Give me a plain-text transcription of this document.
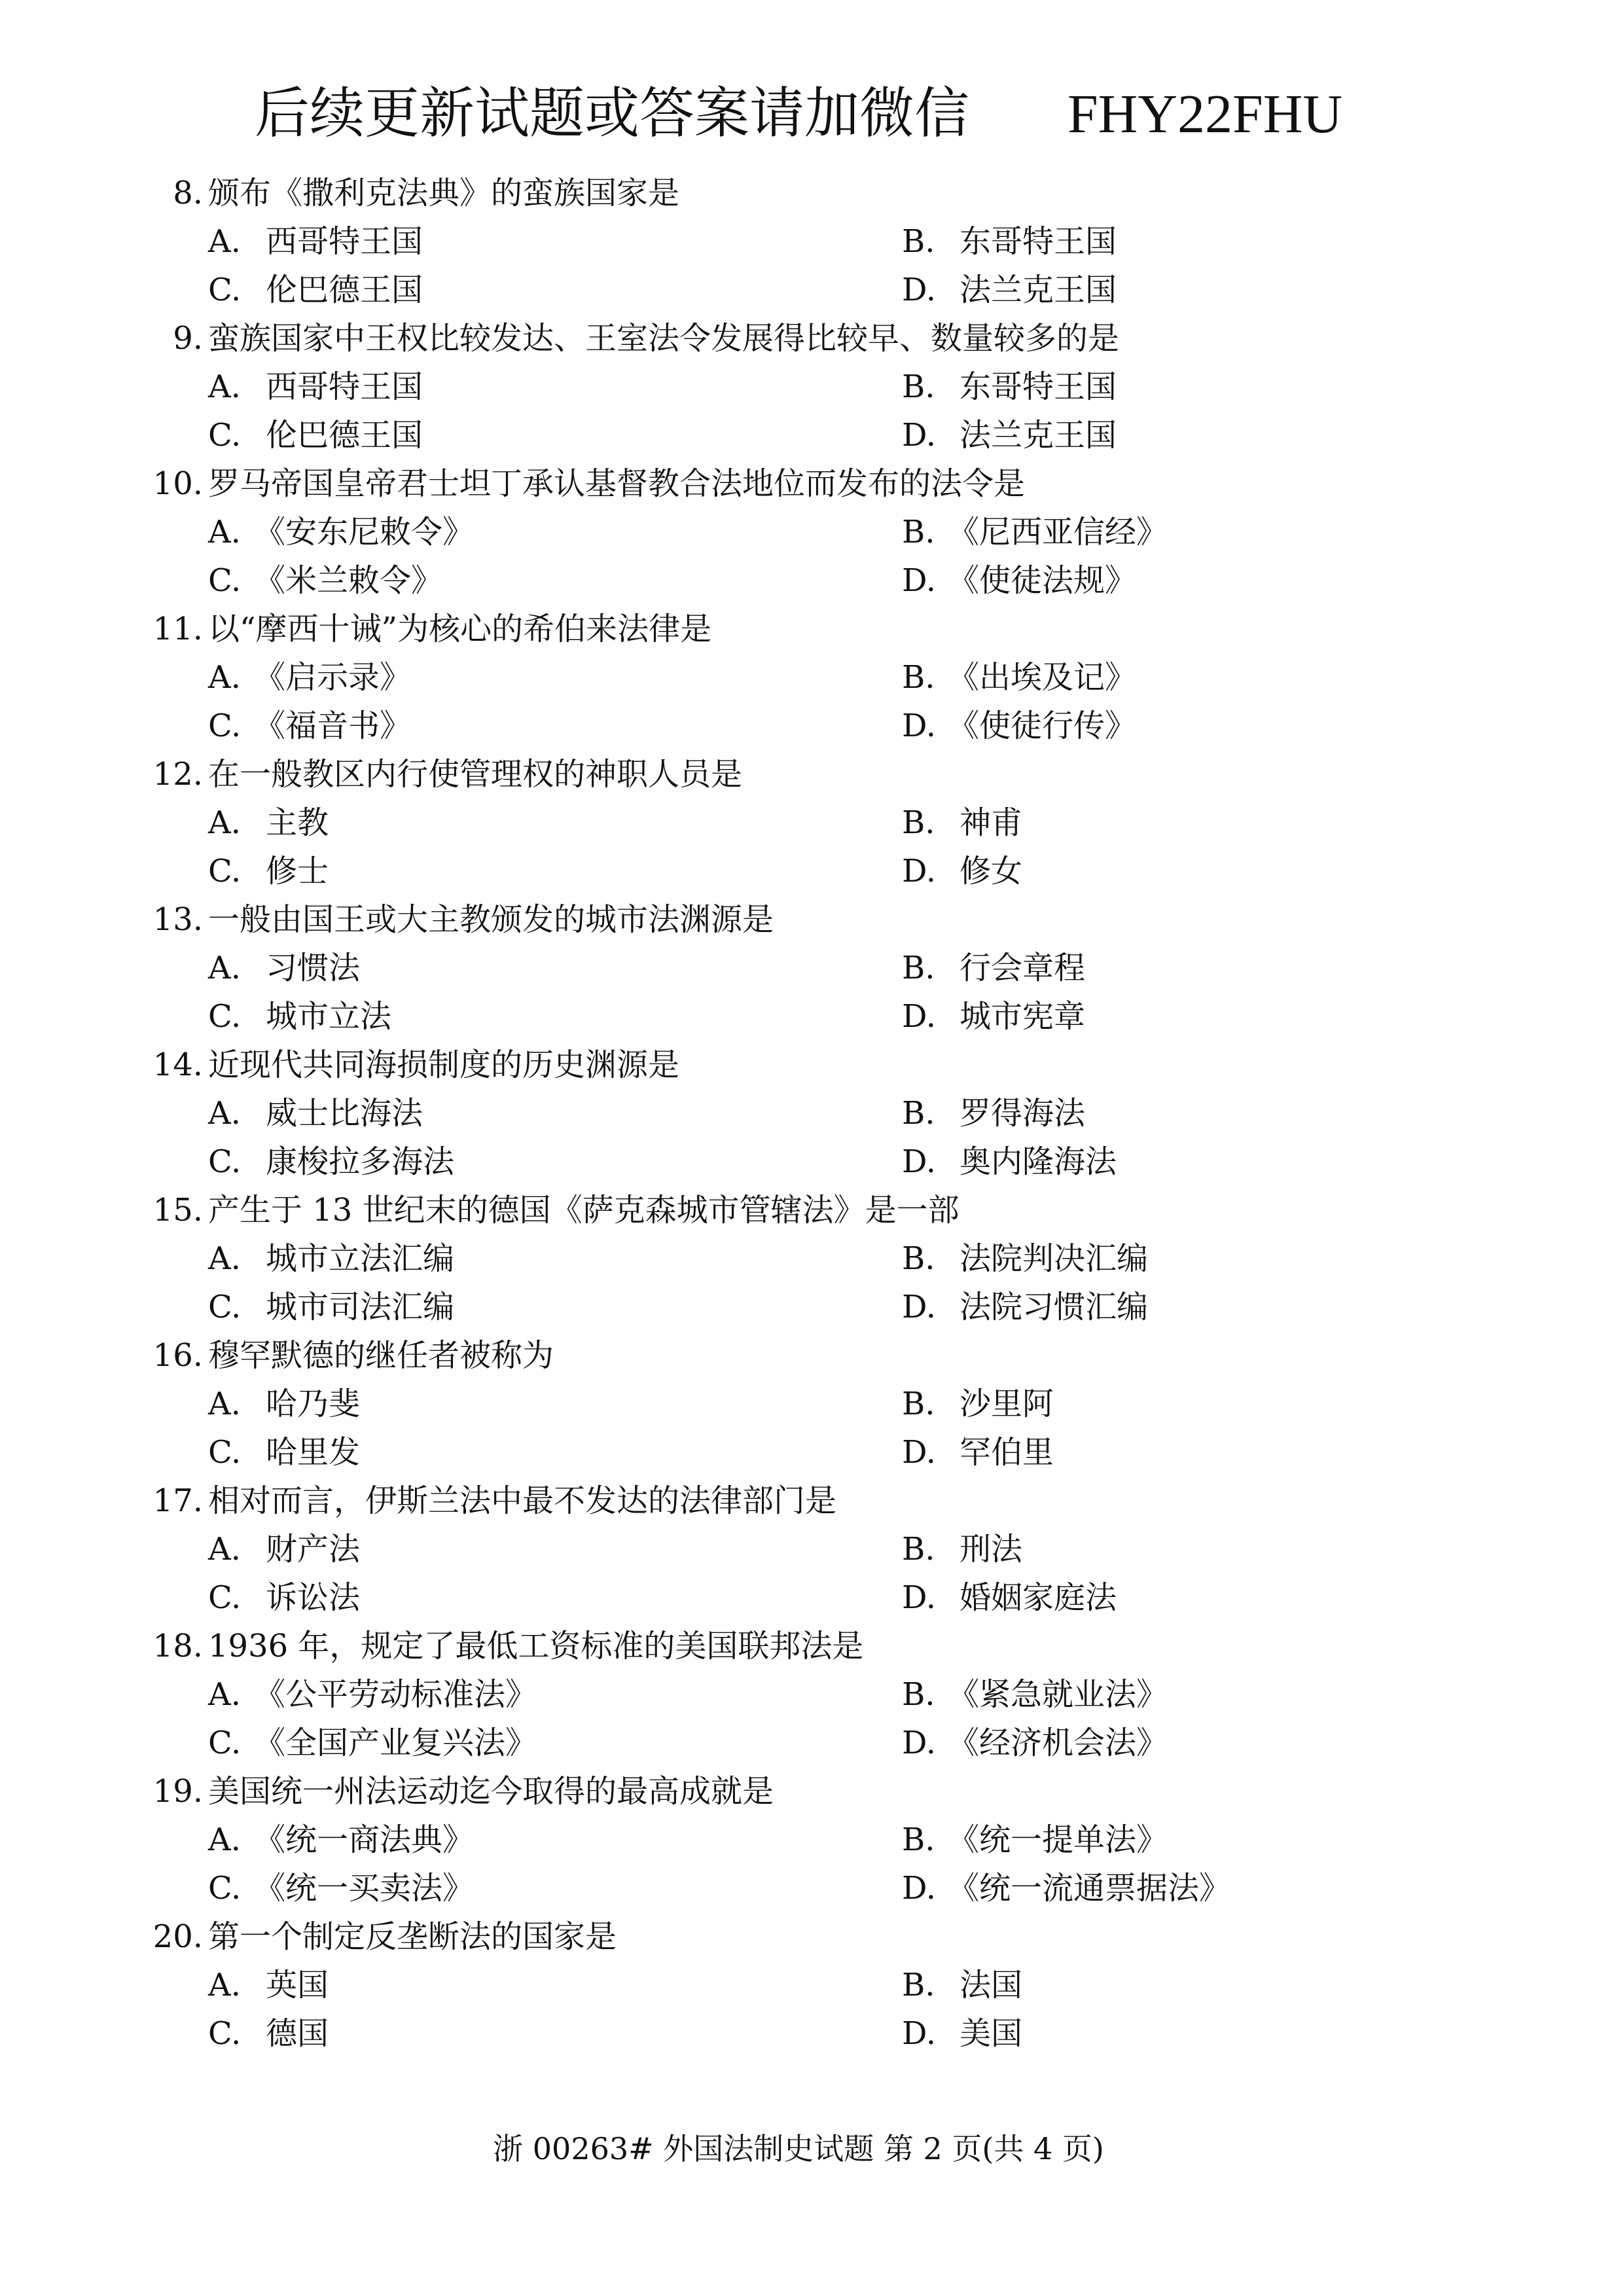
后续更新试题或答案请加微信 FHY22FHU
8. 颁布《撒利克法典》的蛮族国家是
A. 西哥特王国	B. 东哥特王国
C. 伦巴德王国	D. 法兰克王国
9. 蛮族国家中王权比较发达、王室法令发展得比较早、数量较多的是
A. 西哥特王国	B. 东哥特王国
C. 伦巴德王国	D. 法兰克王国
10. 罗马帝国皇帝君士坦丁承认基督教合法地位而发布的法令是
A. 《安东尼敕令》	B. 《尼西亚信经》
C. 《米兰敕令》	D. 《使徒法规》
11. 以“摩西十诫”为核心的希伯来法律是
A. 《启示录》	B. 《出埃及记》
C. 《福音书》	D. 《使徒行传》
12. 在一般教区内行使管理权的神职人员是
A. 主教	B. 神甫
C. 修士	D. 修女
13. 一般由国王或大主教颁发的城市法渊源是
A. 习惯法	B. 行会章程
C. 城市立法	D. 城市宪章
14. 近现代共同海损制度的历史渊源是
A. 威士比海法	B. 罗得海法
C. 康梭拉多海法	D. 奥内隆海法
15. 产生于 13 世纪末的德国《萨克森城市管辖法》是一部
A. 城市立法汇编	B. 法院判决汇编
C. 城市司法汇编	D. 法院习惯汇编
16. 穆罕默德的继任者被称为
A. 哈乃斐	B. 沙里阿
C. 哈里发	D. 罕伯里
17. 相对而言，伊斯兰法中最不发达的法律部门是
A. 财产法	B. 刑法
C. 诉讼法	D. 婚姻家庭法
18. 1936 年，规定了最低工资标准的美国联邦法是
A. 《公平劳动标准法》	B. 《紧急就业法》
C. 《全国产业复兴法》	D. 《经济机会法》
19. 美国统一州法运动迄今取得的最高成就是
A. 《统一商法典》	B. 《统一提单法》
C. 《统一买卖法》	D. 《统一流通票据法》
20. 第一个制定反垄断法的国家是
A. 英国	B. 法国
C. 德国	D. 美国
浙 00263# 外国法制史试题 第 2 页(共 4 页)
